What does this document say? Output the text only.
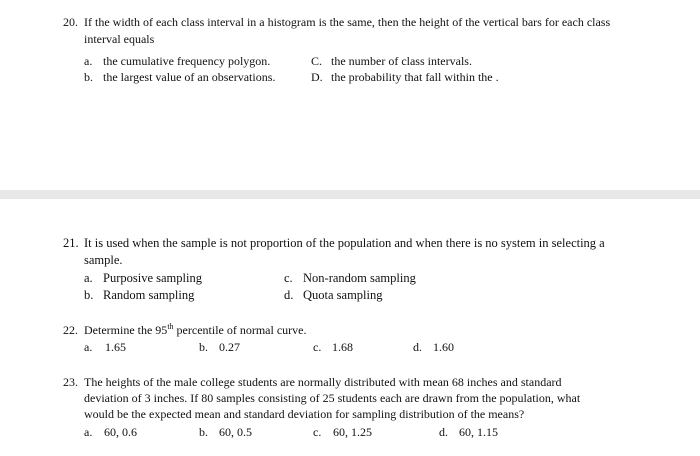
20. If the width of each class interval in a histogram is the same, then the height of the vertical bars for each class
interval equals
a. the cumulative frequency polygon.	C. the number of class intervals.
b. the largest value of an observations.	D. the probability that fall within the .
21. It is used when the sample is not proportion of the population and when there is no system in selecting a
sample.
a. Purposive sampling	c. Non-random sampling
b. Random sampling	d. Quota sampling
22. Determine the 95th percentile of normal curve.
a. 1.65	b. 0.27	c. 1.68	d. 1.60
23. The heights of the male college students are normally distributed with mean 68 inches and standard
deviation of 3 inches. If 80 samples consisting of 25 students each are drawn from the population, what
would be the expected mean and standard deviation for sampling distribution of the means?
a. 60, 0.6	b. 60, 0.5	c. 60, 1.25	d. 60, 1.15
